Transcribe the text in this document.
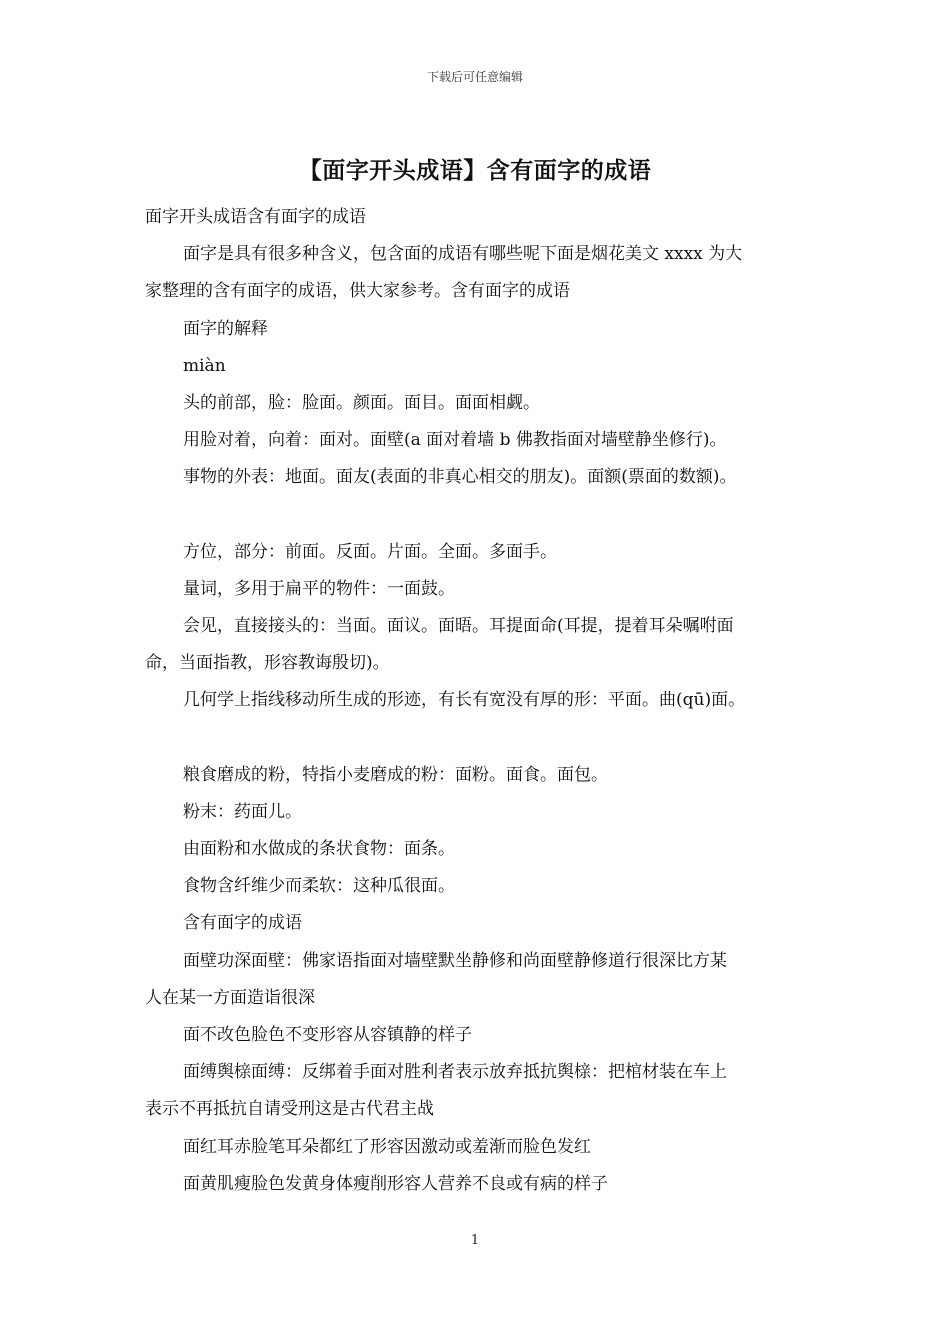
下载后可任意编辑
【面字开头成语】含有面字的成语

面字开头成语含有面字的成语

面字是具有很多种含义，包含面的成语有哪些呢下面是烟花美文 xxxx 为大

家整理的含有面字的成语，供大家参考。含有面字的成语

面字的解释

miàn

头的前部，脸：脸面。颜面。面目。面面相觑。

用脸对着，向着：面对。面壁(a 面对着墙 b 佛教指面对墙壁静坐修行)。

事物的外表：地面。面友(表面的非真心相交的朋友)。面额(票面的数额)。

方位，部分：前面。反面。片面。全面。多面手。

量词，多用于扁平的物件：一面鼓。

会见，直接接头的：当面。面议。面晤。耳提面命(耳提，提着耳朵嘱咐面

命，当面指教，形容教诲殷切)。

几何学上指线移动所生成的形迹，有长有宽没有厚的形：平面。曲(qū)面。

粮食磨成的粉，特指小麦磨成的粉：面粉。面食。面包。

粉末：药面儿。

由面粉和水做成的条状食物：面条。

食物含纤维少而柔软：这种瓜很面。

含有面字的成语

面壁功深面壁：佛家语指面对墙壁默坐静修和尚面壁静修道行很深比方某

人在某一方面造诣很深

面不改色脸色不变形容从容镇静的样子

面缚舆榇面缚：反绑着手面对胜利者表示放弃抵抗舆榇：把棺材装在车上

表示不再抵抗自请受刑这是古代君主战

面红耳赤脸笔耳朵都红了形容因激动或羞渐而脸色发红

面黄肌瘦脸色发黄身体瘦削形容人营养不良或有病的样子

1
